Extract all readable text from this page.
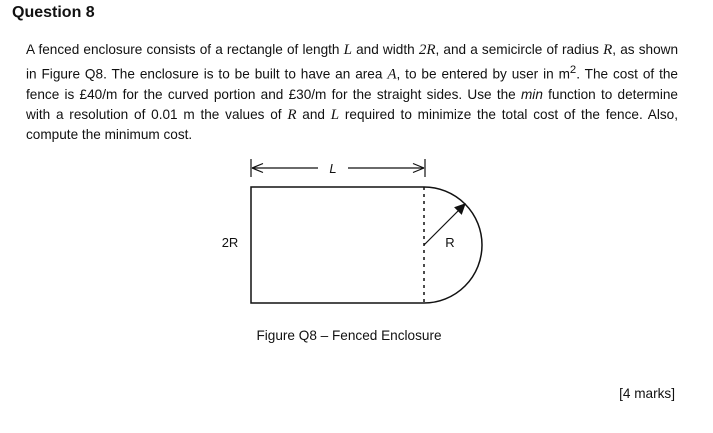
Question 8
A fenced enclosure consists of a rectangle of length L and width 2R, and a semicircle of radius R, as shown in Figure Q8. The enclosure is to be built to have an area A, to be entered by user in $m^2$. The cost of the fence is £40/m for the curved portion and £30/m for the straight sides. Use the min function to determine with a resolution of 0.01 m the values of R and L required to minimize the total cost of the fence. Also, compute the minimum cost.
L
2R	R
Figure Q8 – Fenced Enclosure
[4 marks]
